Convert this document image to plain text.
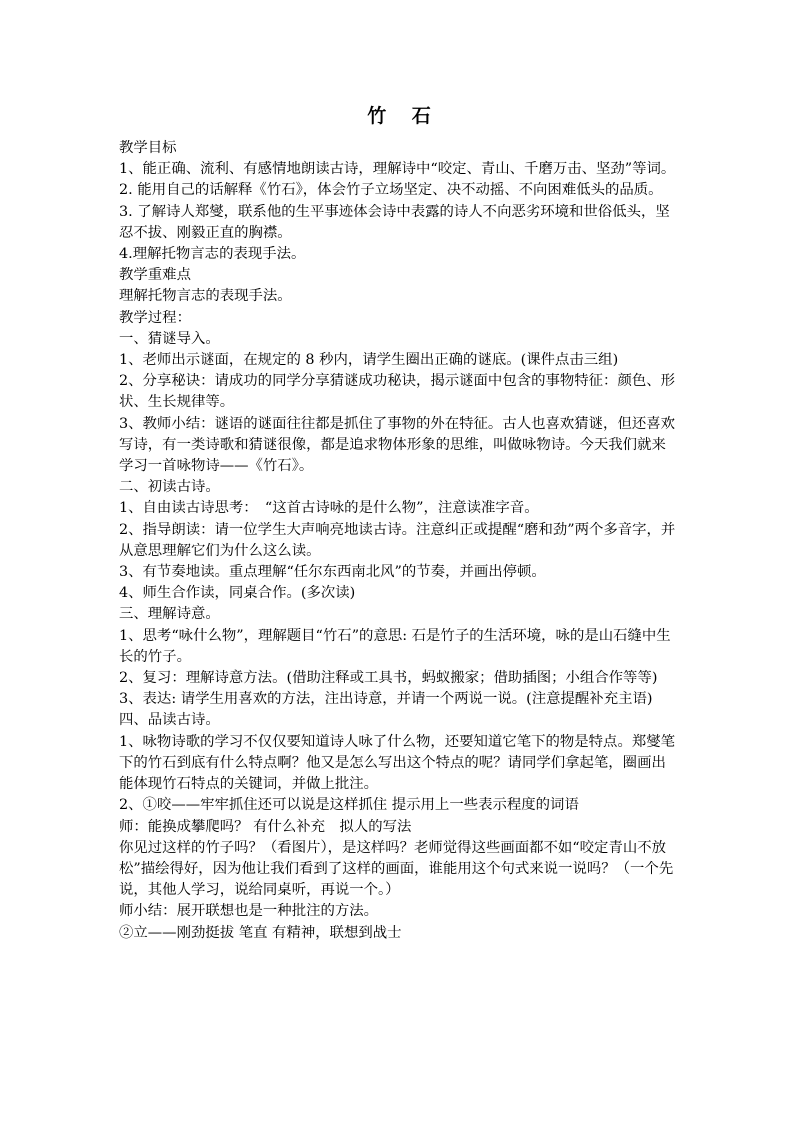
竹　 石

教学目标

1、能正确、流利、有感情地朗读古诗，理解诗中“咬定、青山、千磨万击、坚劲”等词。

2. 能用自己的话解释《竹石》，体会竹子立场坚定、决不动摇、不向困难低头的品质。

3. 了解诗人郑燮，联系他的生平事迹体会诗中表露的诗人不向恶劣环境和世俗低头，坚忍不拔、刚毅正直的胸襟。

4.理解托物言志的表现手法。

教学重难点

理解托物言志的表现手法。

教学过程：

一、猜谜导入。

1、老师出示谜面，在规定的 8 秒内，请学生圈出正确的谜底。(课件点击三组)

2、分享秘诀：请成功的同学分享猜谜成功秘诀，揭示谜面中包含的事物特征：颜色、形状、生长规律等。

3、教师小结：谜语的谜面往往都是抓住了事物的外在特征。古人也喜欢猜谜，但还喜欢写诗，有一类诗歌和猜谜很像，都是追求物体形象的思维，叫做咏物诗。今天我们就来学习一首咏物诗——《竹石》。

二、初读古诗。

1、自由读古诗思考：　“这首古诗咏的是什么物”，注意读准字音。

2、指导朗读：请一位学生大声响亮地读古诗。注意纠正或提醒“磨和劲”两个多音字，并从意思理解它们为什么这么读。

3、有节奏地读。重点理解“任尔东西南北风”的节奏，并画出停顿。

4、师生合作读，同桌合作。(多次读)

三、理解诗意。

1、思考“咏什么物”，理解题目“竹石”的意思: 石是竹子的生活环境，咏的是山石缝中生长的竹子。

2、复习：理解诗意方法。(借助注释或工具书，蚂蚁搬家；借助插图；小组合作等等)

3、表达: 请学生用喜欢的方法，注出诗意，并请一个两说一说。(注意提醒补充主语)

四、品读古诗。

1、咏物诗歌的学习不仅仅要知道诗人咏了什么物，还要知道它笔下的物是特点。郑燮笔下的竹石到底有什么特点啊？他又是怎么写出这个特点的呢？请同学们拿起笔，圈画出能体现竹石特点的关键词，并做上批注。

2、①咬——牢牢抓住还可以说是这样抓住 提示用上一些表示程度的词语

师：能换成攀爬吗？ 有什么补充　拟人的写法

你见过这样的竹子吗？（看图片），是这样吗？老师觉得这些画面都不如“咬定青山不放松”描绘得好，因为他让我们看到了这样的画面，谁能用这个句式来说一说吗？（一个先说，其他人学习，说给同桌听，再说一个。）

师小结：展开联想也是一种批注的方法。

②立——刚劲挺拔 笔直 有精神，联想到战士
